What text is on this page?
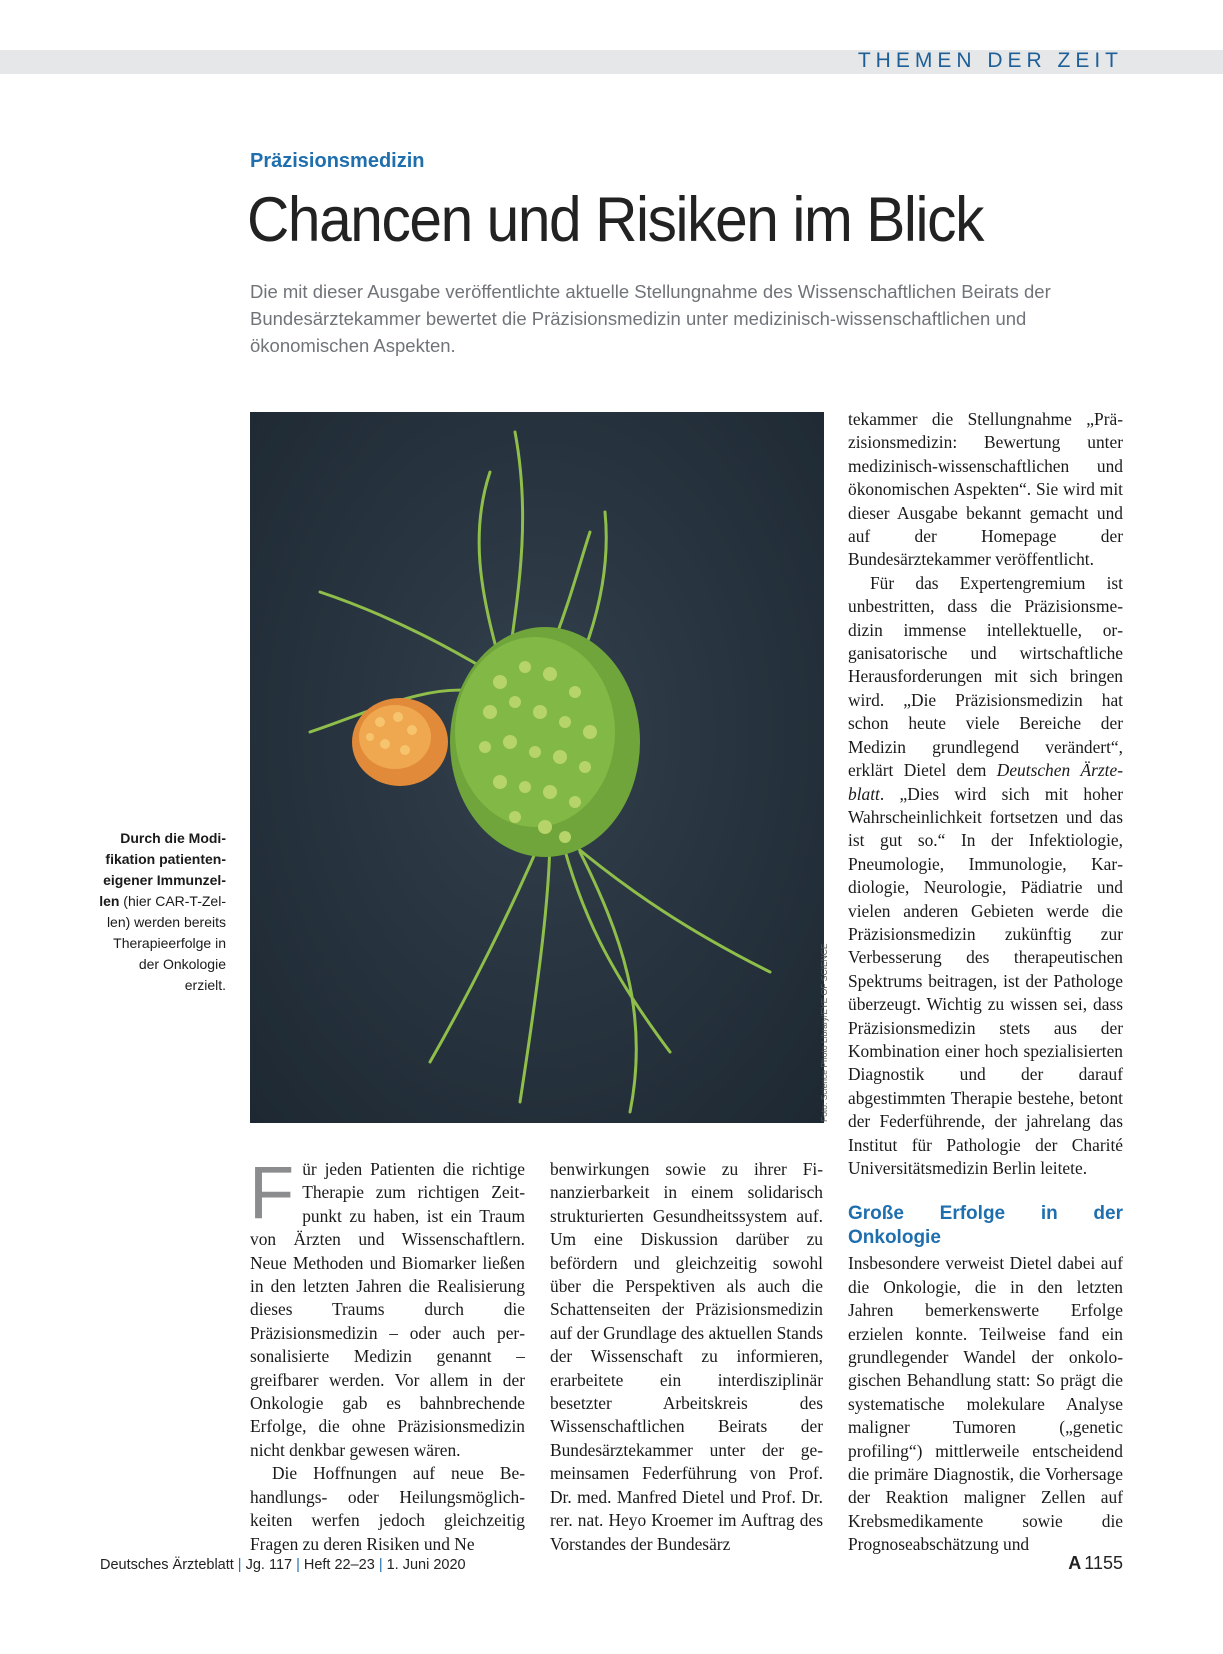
THEMEN DER ZEIT
Präzisionsmedizin
Chancen und Risiken im Blick

Die mit dieser Ausgabe veröffentlichte aktuelle Stellungnahme des Wissenschaftlichen Beirats der Bundesärztekammer bewertet die Präzisionsmedizin unter medizinisch-wissenschaftlichen und ökonomischen Aspekten.

Foto: Science Photo Library/EYE OF SCIENCE
Durch die Modifikation patienteneigener Immunzellen (hier CAR-T-Zellen) werden bereits Therapieerfolge in der Onkologie erzielt.

Für jeden Patienten die richtige Therapie zum richtigen Zeitpunkt zu haben, ist ein Traum von Ärzten und Wissenschaftlern. Neue Methoden und Biomarker ließen in den letzten Jahren die Realisierung dieses Traums durch die Präzisionsmedizin – oder auch personalisierte Medizin genannt – greifbarer werden. Vor allem in der Onkologie gab es bahnbrechende Erfolge, die ohne Präzisionsmedizin nicht denkbar gewesen wären.

Die Hoffnungen auf neue Behandlungs- oder Heilungsmöglichkeiten werfen jedoch gleichzeitig Fragen zu deren Risiken und Ne

benwirkungen sowie zu ihrer Finanzierbarkeit in einem solidarisch strukturierten Gesundheitssystem auf. Um eine Diskussion darüber zu befördern und gleichzeitig sowohl über die Perspektiven als auch die Schattenseiten der Präzisionsmedizin auf der Grundlage des aktuellen Stands der Wissenschaft zu informieren, erarbeitete ein interdisziplinär besetzter Arbeitskreis des Wissenschaftlichen Beirats der Bundesärztekammer unter der gemeinsamen Federführung von Prof. Dr. med. Manfred Dietel und Prof. Dr. rer. nat. Heyo Kroemer im Auftrag des Vorstandes der Bundesärz

tekammer die Stellungnahme „Präzisionsmedizin: Bewertung unter medizinisch-wissenschaftlichen und ökonomischen Aspekten“. Sie wird mit dieser Ausgabe bekannt gemacht und auf der Homepage der Bundesärztekammer veröffentlicht.

Für das Expertengremium ist unbestritten, dass die Präzisionsmedizin immense intellektuelle, organisatorische und wirtschaftliche Herausforderungen mit sich bringen wird. „Die Präzisionsmedizin hat schon heute viele Bereiche der Medizin grundlegend verändert“, erklärt Dietel dem Deutschen Ärzteblatt. „Dies wird sich mit hoher Wahrscheinlichkeit fortsetzen und das ist gut so.“ In der Infektiologie, Pneumologie, Immunologie, Kardiologie, Neurologie, Pädiatrie und vielen anderen Gebieten werde die Präzisionsmedizin zukünftig zur Verbesserung des therapeutischen Spektrums beitragen, ist der Pathologe überzeugt. Wichtig zu wissen sei, dass Präzisionsmedizin stets aus der Kombination einer hoch spezialisierten Diagnostik und der darauf abgestimmten Therapie bestehe, betont der Federführende, der jahrelang das Institut für Pathologie der Charité Universitätsmedizin Berlin leitete.

Große Erfolge in der Onkologie

Insbesondere verweist Dietel dabei auf die Onkologie, die in den letzten Jahren bemerkenswerte Erfolge erzielen konnte. Teilweise fand ein grundlegender Wandel der onkologischen Behandlung statt: So prägt die systematische molekulare Analyse maligner Tumoren („genetic profiling“) mittlerweile entscheidend die primäre Diagnostik, die Vorhersage der Reaktion maligner Zellen auf Krebsmedikamente sowie die Prognoseabschätzung und

Deutsches Ärzteblatt | Jg. 117 | Heft 22–23 | 1. Juni 2020	A 1155
